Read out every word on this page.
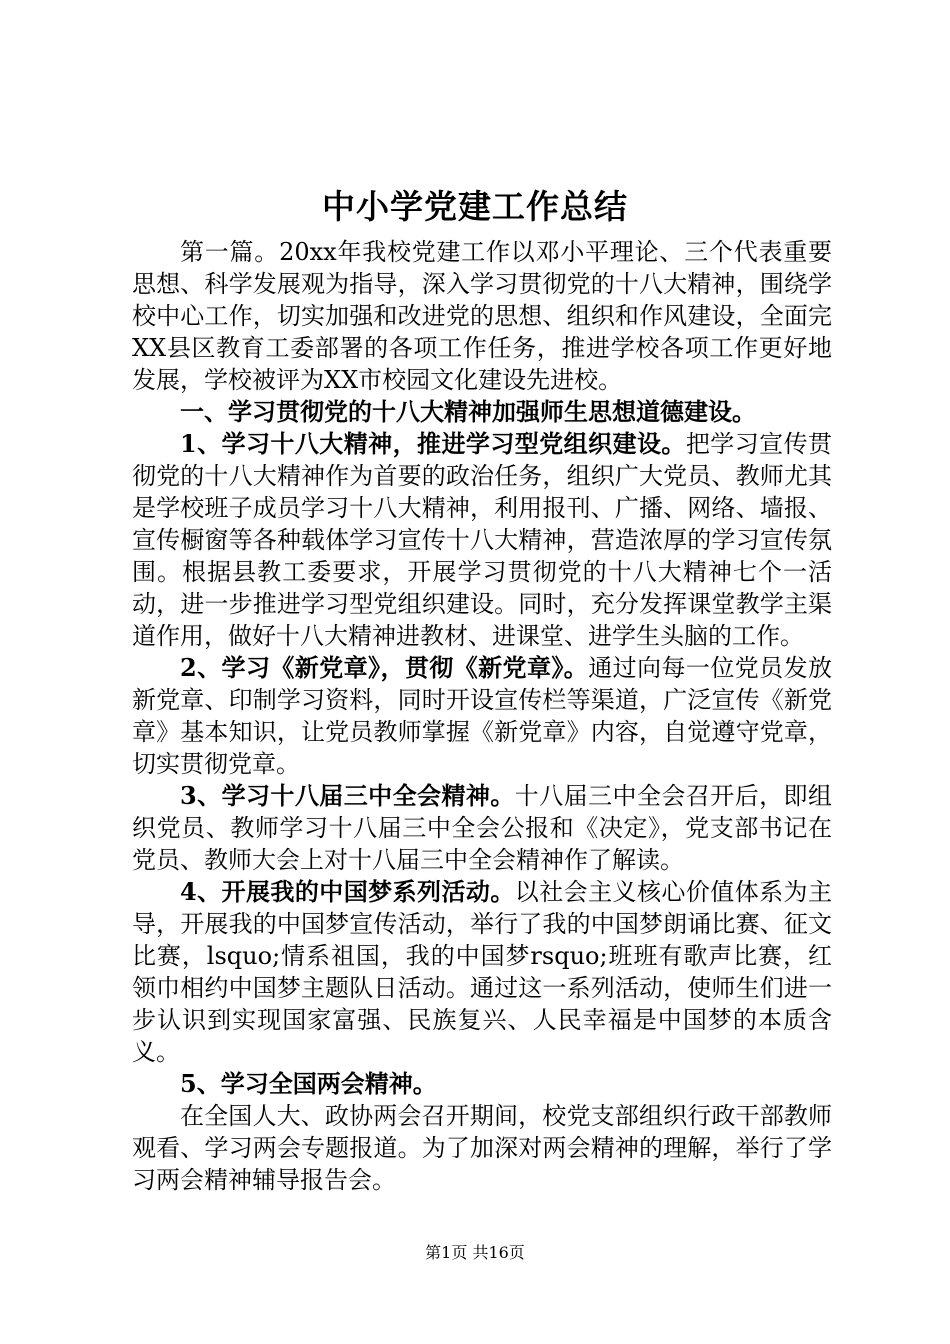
中小学党建工作总结

第一篇。20xx年我校党建工作以邓小平理论、三个代表重要思想、科学发展观为指导，深入学习贯彻党的十八大精神，围绕学校中心工作，切实加强和改进党的思想、组织和作风建设，全面完XX县区教育工委部署的各项工作任务，推进学校各项工作更好地发展，学校被评为XX市校园文化建设先进校。

一、学习贯彻党的十八大精神加强师生思想道德建设。

1、学习十八大精神，推进学习型党组织建设。把学习宣传贯彻党的十八大精神作为首要的政治任务，组织广大党员、教师尤其是学校班子成员学习十八大精神，利用报刊、广播、网络、墙报、宣传橱窗等各种载体学习宣传十八大精神，营造浓厚的学习宣传氛围。根据县教工委要求，开展学习贯彻党的十八大精神七个一活动，进一步推进学习型党组织建设。同时，充分发挥课堂教学主渠道作用，做好十八大精神进教材、进课堂、进学生头脑的工作。

2、学习《新党章》，贯彻《新党章》。通过向每一位党员发放新党章、印制学习资料，同时开设宣传栏等渠道，广泛宣传《新党章》基本知识，让党员教师掌握《新党章》内容，自觉遵守党章，切实贯彻党章。

3、学习十八届三中全会精神。十八届三中全会召开后，即组织党员、教师学习十八届三中全会公报和《决定》，党支部书记在党员、教师大会上对十八届三中全会精神作了解读。

4、开展我的中国梦系列活动。以社会主义核心价值体系为主导，开展我的中国梦宣传活动，举行了我的中国梦朗诵比赛、征文比赛，lsquo;情系祖国，我的中国梦rsquo;班班有歌声比赛，红领巾相约中国梦主题队日活动。通过这一系列活动，使师生们进一步认识到实现国家富强、民族复兴、人民幸福是中国梦的本质含义。

5、学习全国两会精神。

在全国人大、政协两会召开期间，校党支部组织行政干部教师观看、学习两会专题报道。为了加深对两会精神的理解，举行了学习两会精神辅导报告会。

第1页 共16页
